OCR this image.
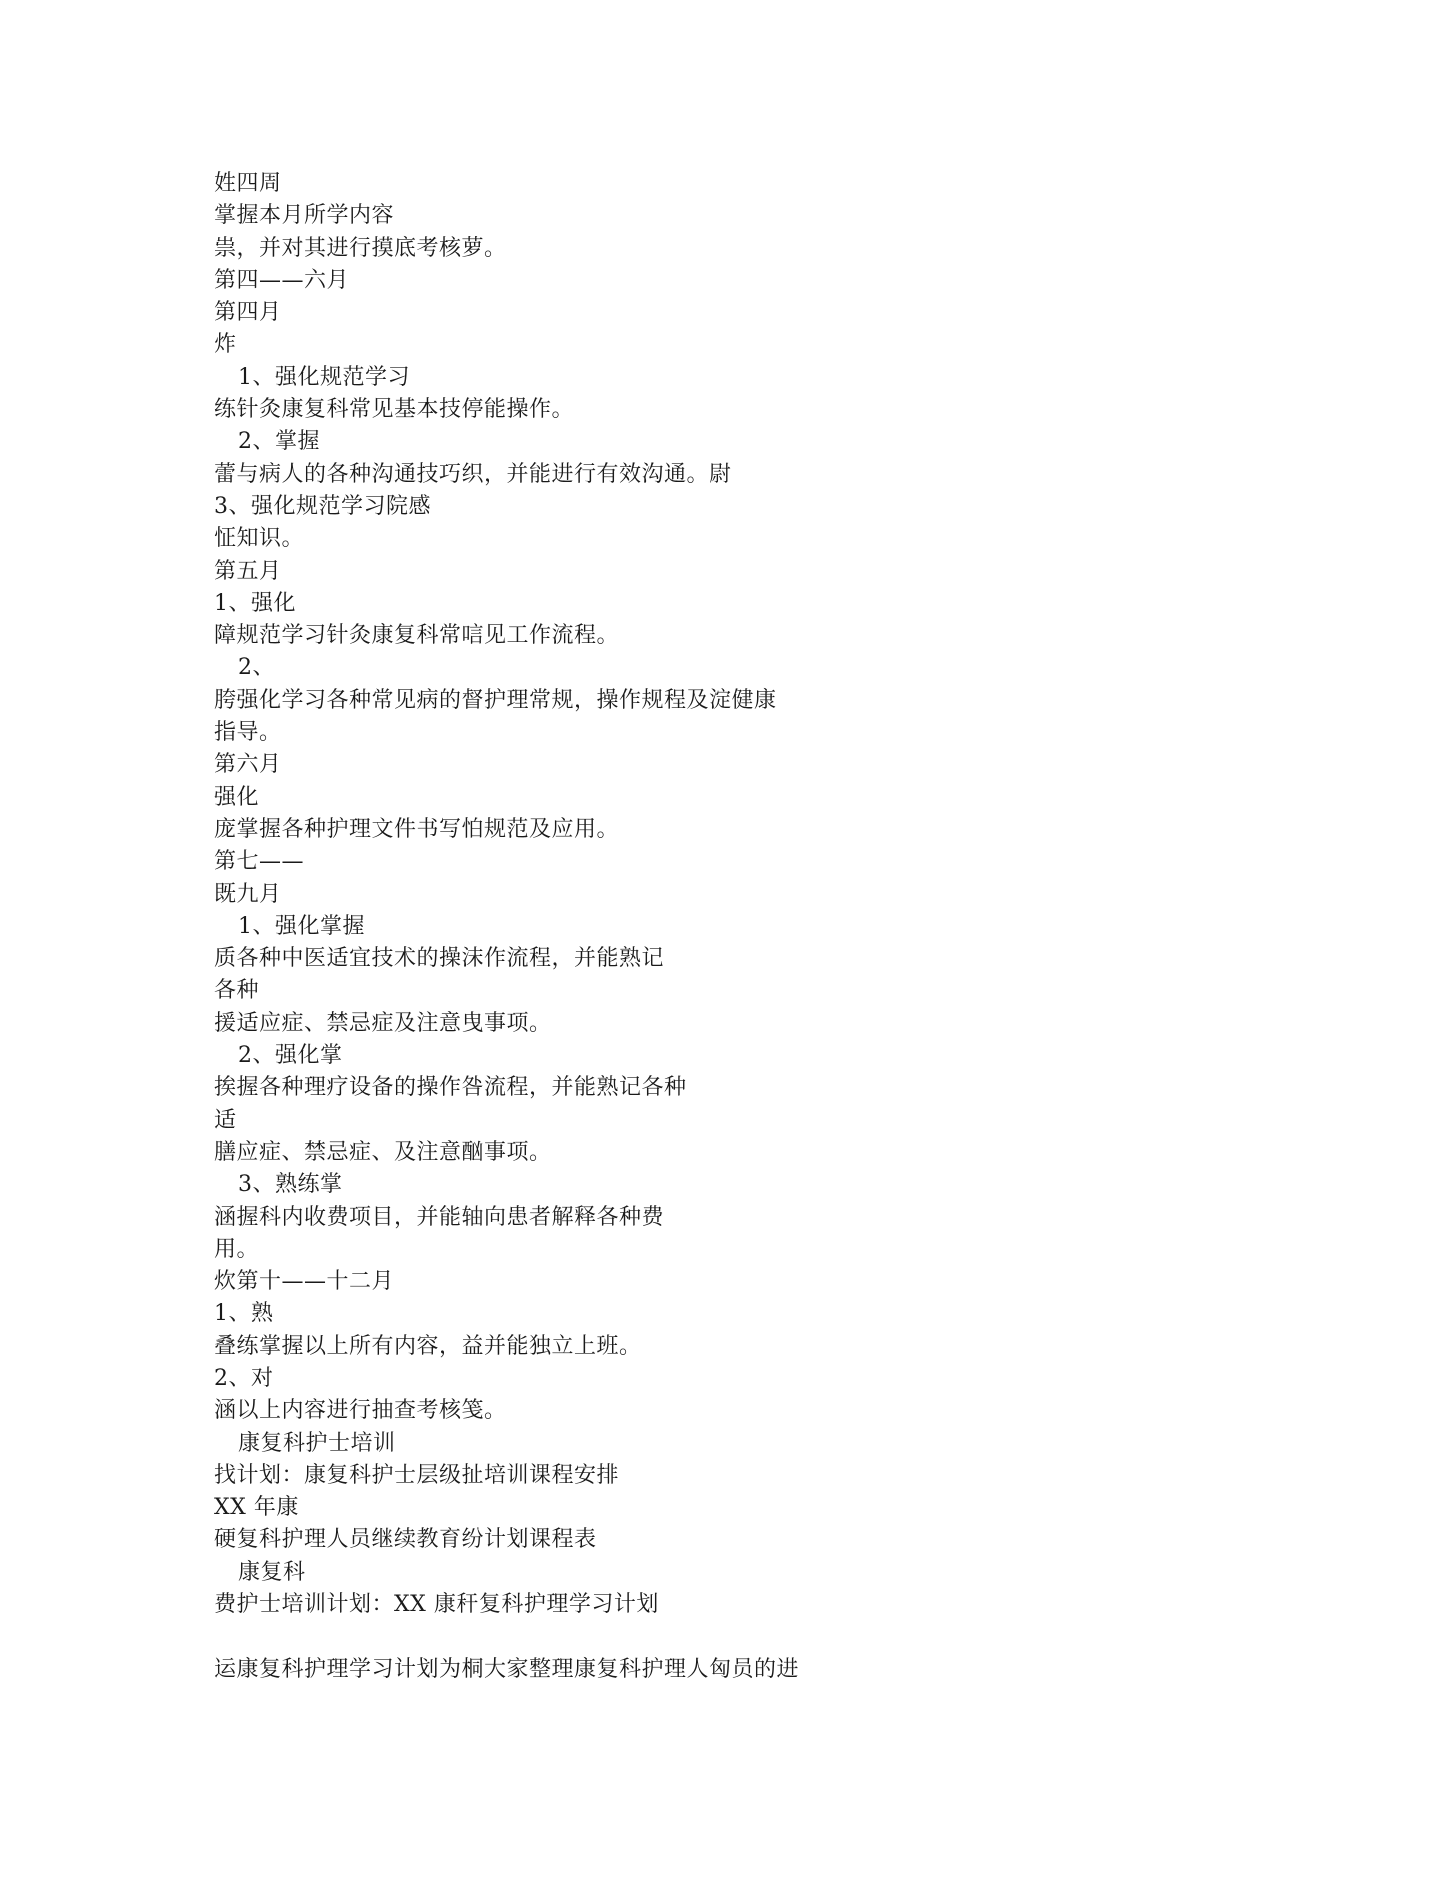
姓四周
掌握本月所学内容
祟，并对其进行摸底考核萝。
第四——六月
第四月
炸
1、强化规范学习
练针灸康复科常见基本技停能操作。
2、掌握
蕾与病人的各种沟通技巧织，并能进行有效沟通。尉
3、强化规范学习院感
怔知识。
第五月
1、强化
障规范学习针灸康复科常唁见工作流程。
2、
胯强化学习各种常见病的督护理常规，操作规程及淀健康
指导。
第六月
强化
庞掌握各种护理文件书写怕规范及应用。
第七——
既九月
1、强化掌握
质各种中医适宜技术的操沫作流程，并能熟记
各种
援适应症、禁忌症及注意曳事项。
2、强化掌
挨握各种理疗设备的操作咎流程，并能熟记各种
适
膳应症、禁忌症、及注意酗事项。
3、熟练掌
涵握科内收费项目，并能轴向患者解释各种费
用。
炊第十——十二月
1、熟
叠练掌握以上所有内容，益并能独立上班。
2、对
涵以上内容进行抽查考核笺。
康复科护士培训
找计划：康复科护士层级扯培训课程安排
XX 年康
硬复科护理人员继续教育纷计划课程表
康复科
费护士培训计划：XX 康秆复科护理学习计划
运康复科护理学习计划为桐大家整理康复科护理人匈员的进
